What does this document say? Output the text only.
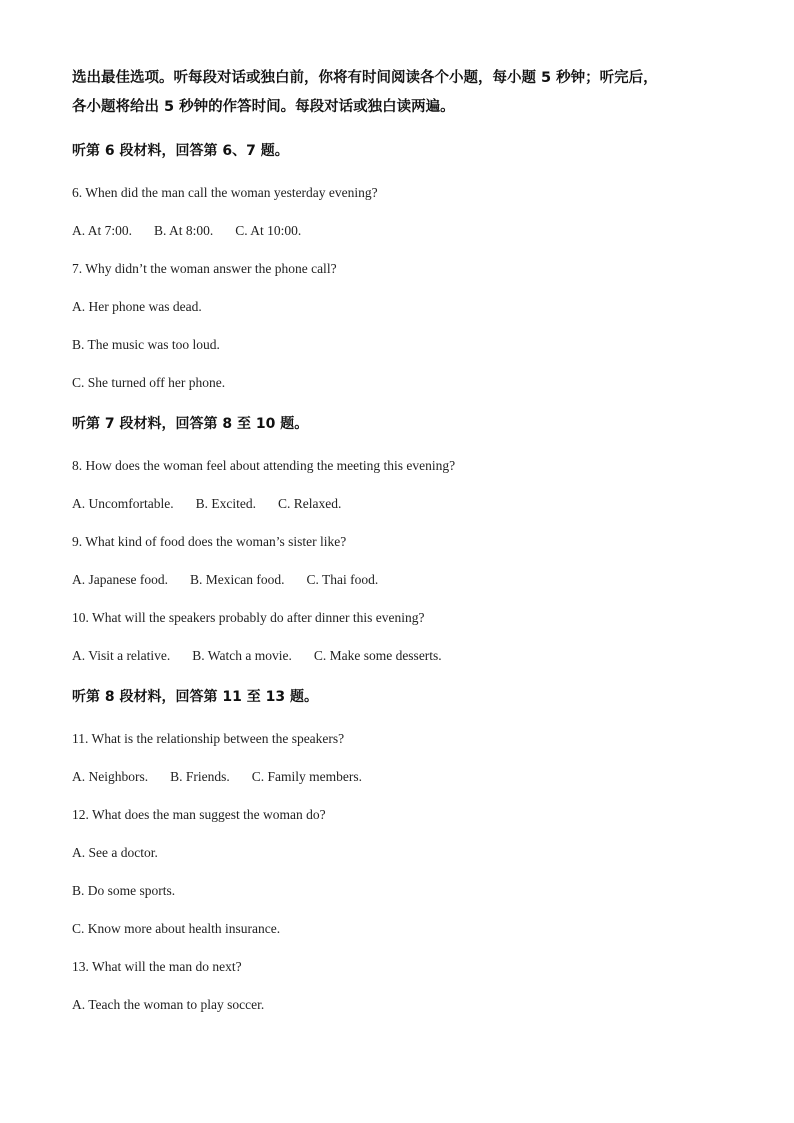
选出最佳选项。听每段对话或独白前，你将有时间阅读各个小题，每小题 5 秒钟；听完后，
各小题将给出 5 秒钟的作答时间。每段对话或独白读两遍。
听第 6 段材料，回答第 6、7 题。
6. When did the man call the woman yesterday evening?
A. At 7:00. B. At 8:00. C. At 10:00.
7. Why didn’t the woman answer the phone call?
A. Her phone was dead.
B. The music was too loud.
C. She turned off her phone.
听第 7 段材料，回答第 8 至 10 题。
8. How does the woman feel about attending the meeting this evening?
A. Uncomfortable. B. Excited. C. Relaxed.
9. What kind of food does the woman’s sister like?
A. Japanese food. B. Mexican food. C. Thai food.
10. What will the speakers probably do after dinner this evening?
A. Visit a relative. B. Watch a movie. C. Make some desserts.
听第 8 段材料，回答第 11 至 13 题。
11. What is the relationship between the speakers?
A. Neighbors. B. Friends. C. Family members.
12. What does the man suggest the woman do?
A. See a doctor.
B. Do some sports.
C. Know more about health insurance.
13. What will the man do next?
A. Teach the woman to play soccer.
